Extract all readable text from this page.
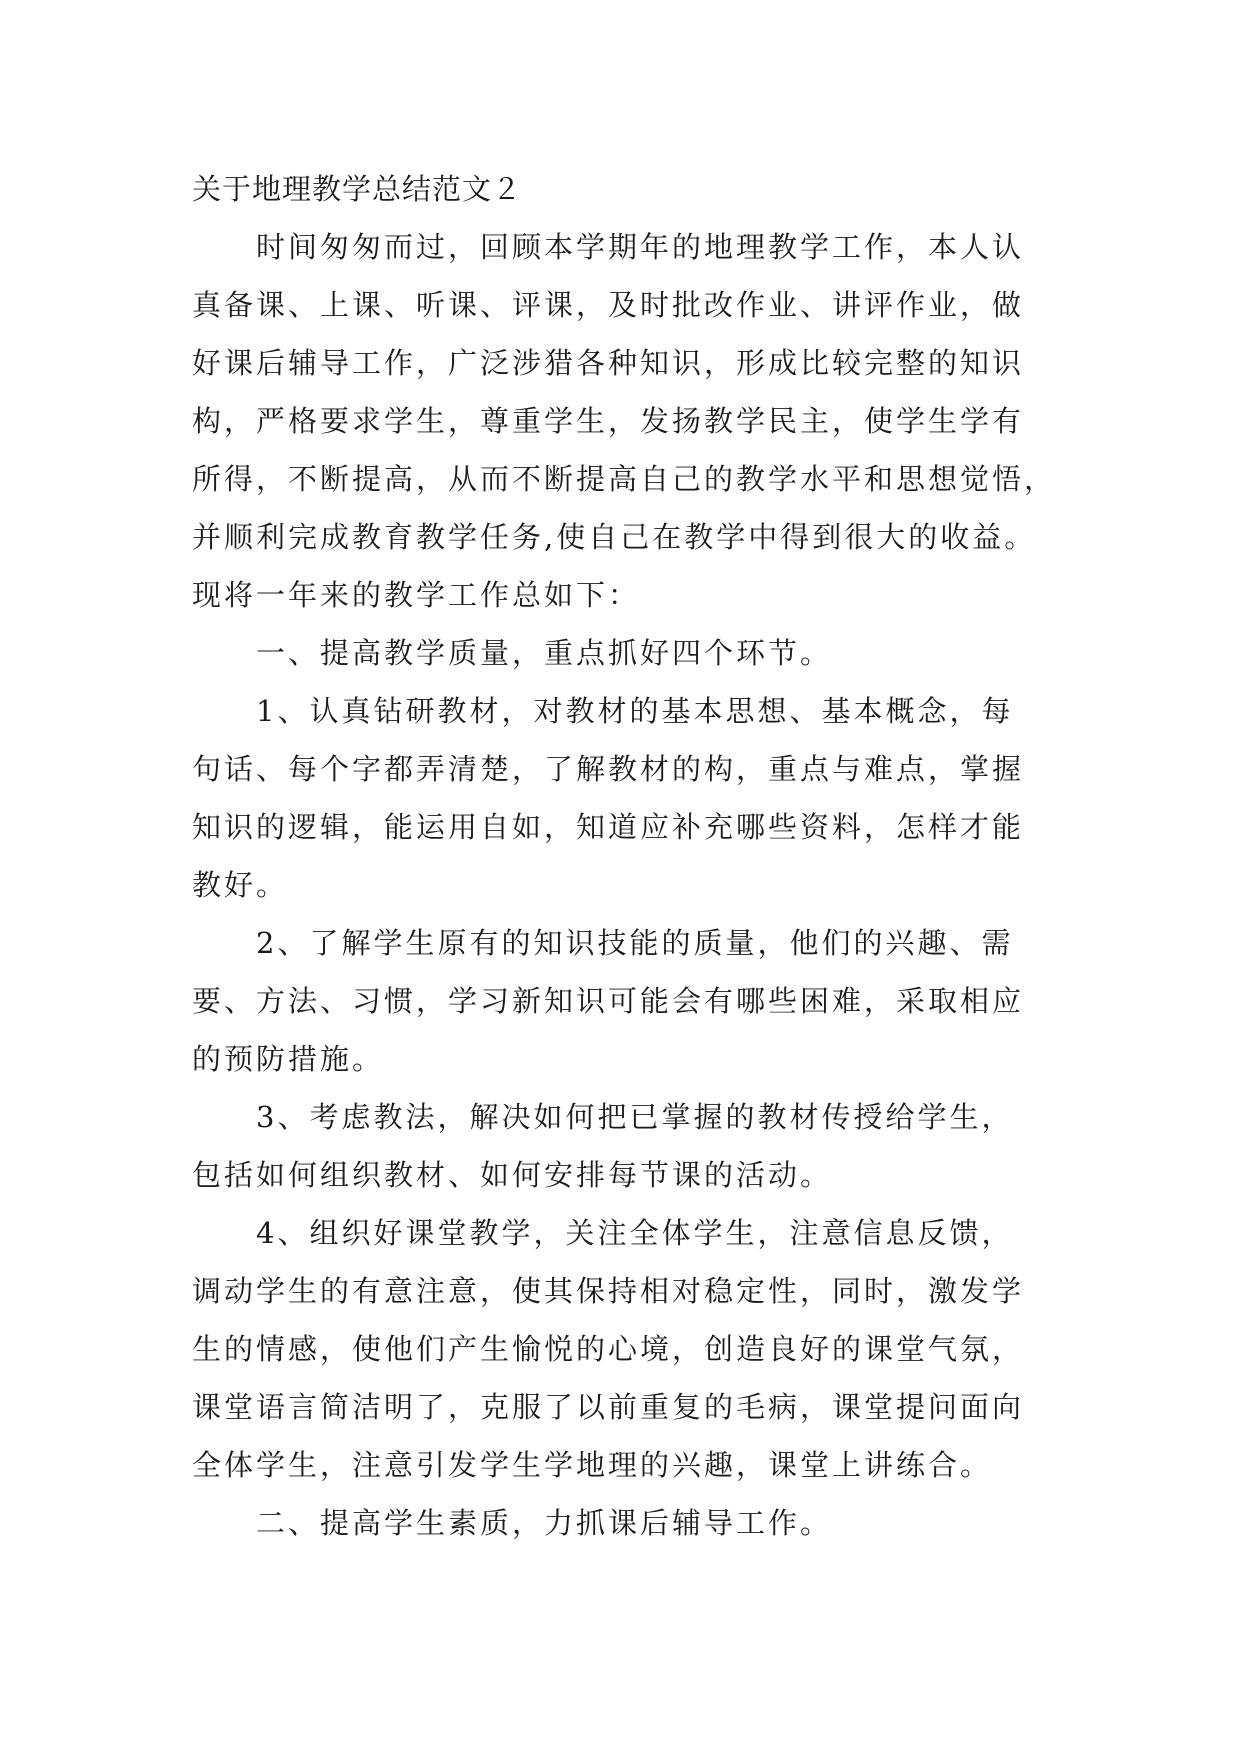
关于地理教学总结范文２

时间匆匆而过，回顾本学期年的地理教学工作，本人认

真备课、上课、听课、评课，及时批改作业、讲评作业，做

好课后辅导工作，广泛涉猎各种知识，形成比较完整的知识

构，严格要求学生，尊重学生，发扬教学民主，使学生学有

所得，不断提高，从而不断提高自己的教学水平和思想觉悟，

并顺利完成教育教学任务,使自己在教学中得到很大的收益。

现将一年来的教学工作总如下：

一、提高教学质量，重点抓好四个环节。

1、认真钻研教材，对教材的基本思想、基本概念，每

句话、每个字都弄清楚，了解教材的构，重点与难点，掌握

知识的逻辑，能运用自如，知道应补充哪些资料，怎样才能

教好。

2、了解学生原有的知识技能的质量，他们的兴趣、需

要、方法、习惯，学习新知识可能会有哪些困难，采取相应

的预防措施。

3、考虑教法，解决如何把已掌握的教材传授给学生，

包括如何组织教材、如何安排每节课的活动。

4、组织好课堂教学，关注全体学生，注意信息反馈，

调动学生的有意注意，使其保持相对稳定性，同时，激发学

生的情感，使他们产生愉悦的心境，创造良好的课堂气氛，

课堂语言简洁明了，克服了以前重复的毛病，课堂提问面向

全体学生，注意引发学生学地理的兴趣，课堂上讲练合。

二、提高学生素质，力抓课后辅导工作。
